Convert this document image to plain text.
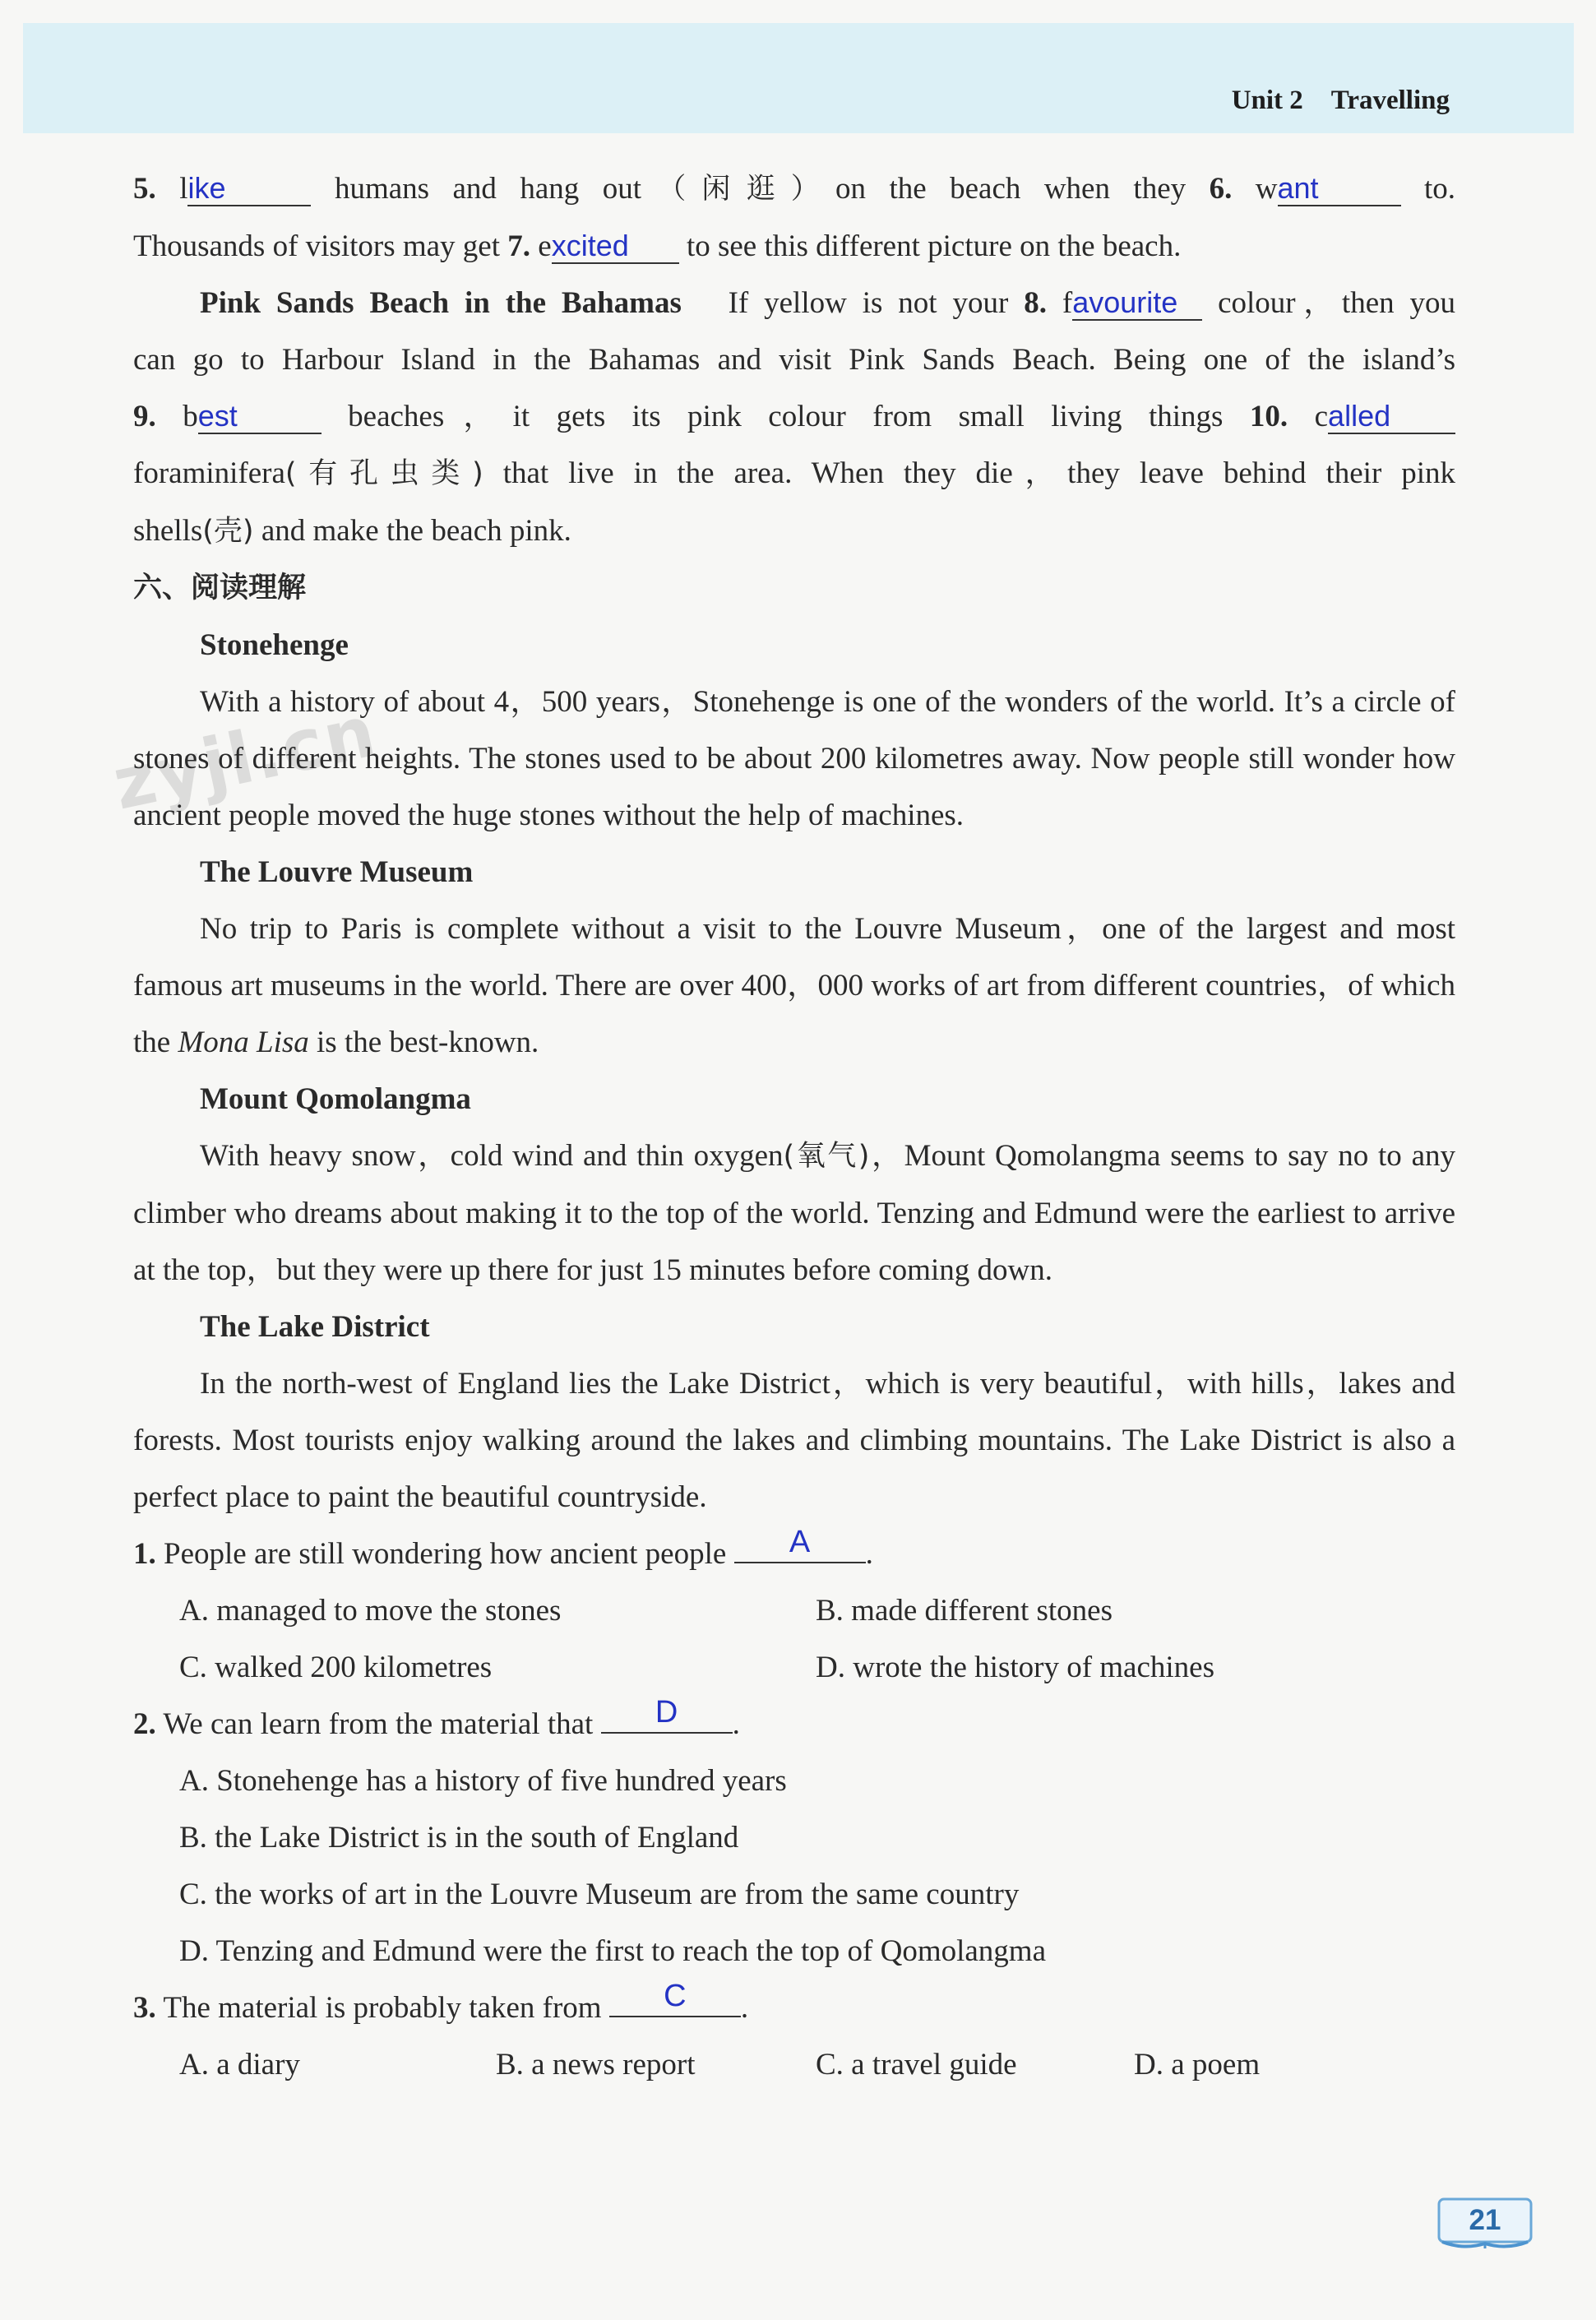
Unit 2 Travelling
zyjl.cn

5. like	humans and hang out（闲逛）on the beach when they 6. want	to.

Thousands of visitors may get 7. excited to see this different picture on the beach.

Pink Sands Beach in the Bahamas If yellow is not your 8. favourite colour，then you

can go to Harbour Island in the Bahamas and visit Pink Sands Beach. Being one of the island’s

9. best	beaches，it gets its pink colour from small living things 10. called

foraminifera(有孔虫类) that live in the area. When they die，they leave behind their pink

shells(壳) and make the beach pink.

六、阅读理解

Stonehenge

With a history of about 4，500 years，Stonehenge is one of the wonders of the world. It’s a circle of stones of different heights. The stones used to be about 200 kilometres away. Now people still wonder how ancient people moved the huge stones without the help of machines.

The Louvre Museum

No trip to Paris is complete without a visit to the Louvre Museum，one of the largest and most famous art museums in the world. There are over 400，000 works of art from different countries，of which the Mona Lisa is the best-known.

Mount Qomolangma

With heavy snow，cold wind and thin oxygen(氧气)，Mount Qomolangma seems to say no to any climber who dreams about making it to the top of the world. Tenzing and Edmund were the earliest to arrive at the top，but they were up there for just 15 minutes before coming down.

The Lake District

In the north-west of England lies the Lake District，which is very beautiful，with hills，lakes and forests. Most tourists enjoy walking around the lakes and climbing mountains. The Lake District is also a perfect place to paint the beautiful countryside.

1. People are still wondering how ancient people	A	.

A. managed to move the stones	B. made different stones
C. walked 200 kilometres	D. wrote the history of machines

2. We can learn from the material that	D	.

A. Stonehenge has a history of five hundred years

B. the Lake District is in the south of England

C. the works of art in the Louvre Museum are from the same country

D. Tenzing and Edmund were the first to reach the top of Qomolangma

3. The material is probably taken from	C	.

A. a diary	B. a news report	C. a travel guide	D. a poem
21
